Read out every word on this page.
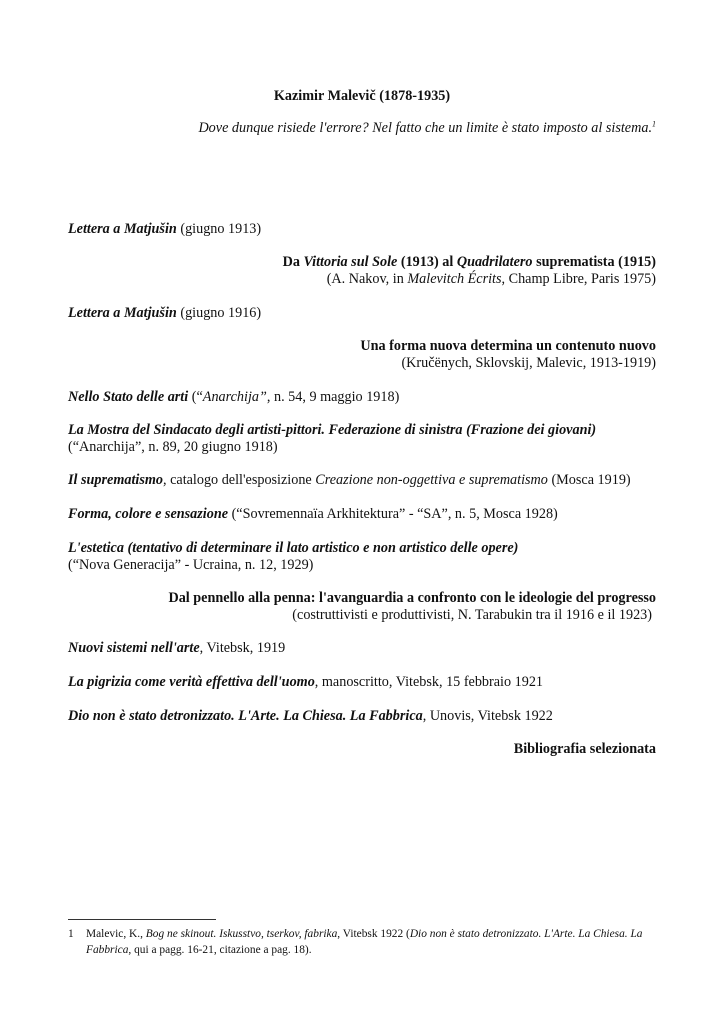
Kazimir Malevič (1878-1935)
Dove dunque risiede l'errore? Nel fatto che un limite è stato imposto al sistema.$^1$
Lettera a Matjušin (giugno 1913)
Da Vittoria sul Sole (1913) al Quadrilatero suprematista (1915)
(A. Nakov, in Malevitch Écrits, Champ Libre, Paris 1975)
Lettera a Matjušin (giugno 1916)
Una forma nuova determina un contenuto nuovo
(Kručënych, Sklovskij, Malevic, 1913-1919)
Nello Stato delle arti (“Anarchija”, n. 54, 9 maggio 1918)
La Mostra del Sindacato degli artisti-pittori. Federazione di sinistra (Frazione dei giovani)
(“Anarchija”, n. 89, 20 giugno 1918)
Il suprematismo, catalogo dell'esposizione Creazione non-oggettiva e suprematismo (Mosca 1919)
Forma, colore e sensazione (“Sovremennaïa Arkhitektura” - “SA”, n. 5, Mosca 1928)
L'estetica (tentativo di determinare il lato artistico e non artistico delle opere)
(“Nova Generacija” - Ucraina, n. 12, 1929)
Dal pennello alla penna: l'avanguardia a confronto con le ideologie del progresso
(costruttivisti e produttivisti, N. Tarabukin tra il 1916 e il 1923)
Nuovi sistemi nell'arte, Vitebsk, 1919
La pigrizia come verità effettiva dell'uomo, manoscritto, Vitebsk, 15 febbraio 1921
Dio non è stato detronizzato. L'Arte. La Chiesa. La Fabbrica, Unovis, Vitebsk 1922
Bibliografia selezionata
1 Malevic, K., Bog ne skinout. Iskusstvo, tserkov, fabrika, Vitebsk 1922 (Dio non è stato detronizzato. L'Arte. La Chiesa. La Fabbrica, qui a pagg. 16-21, citazione a pag. 18).
